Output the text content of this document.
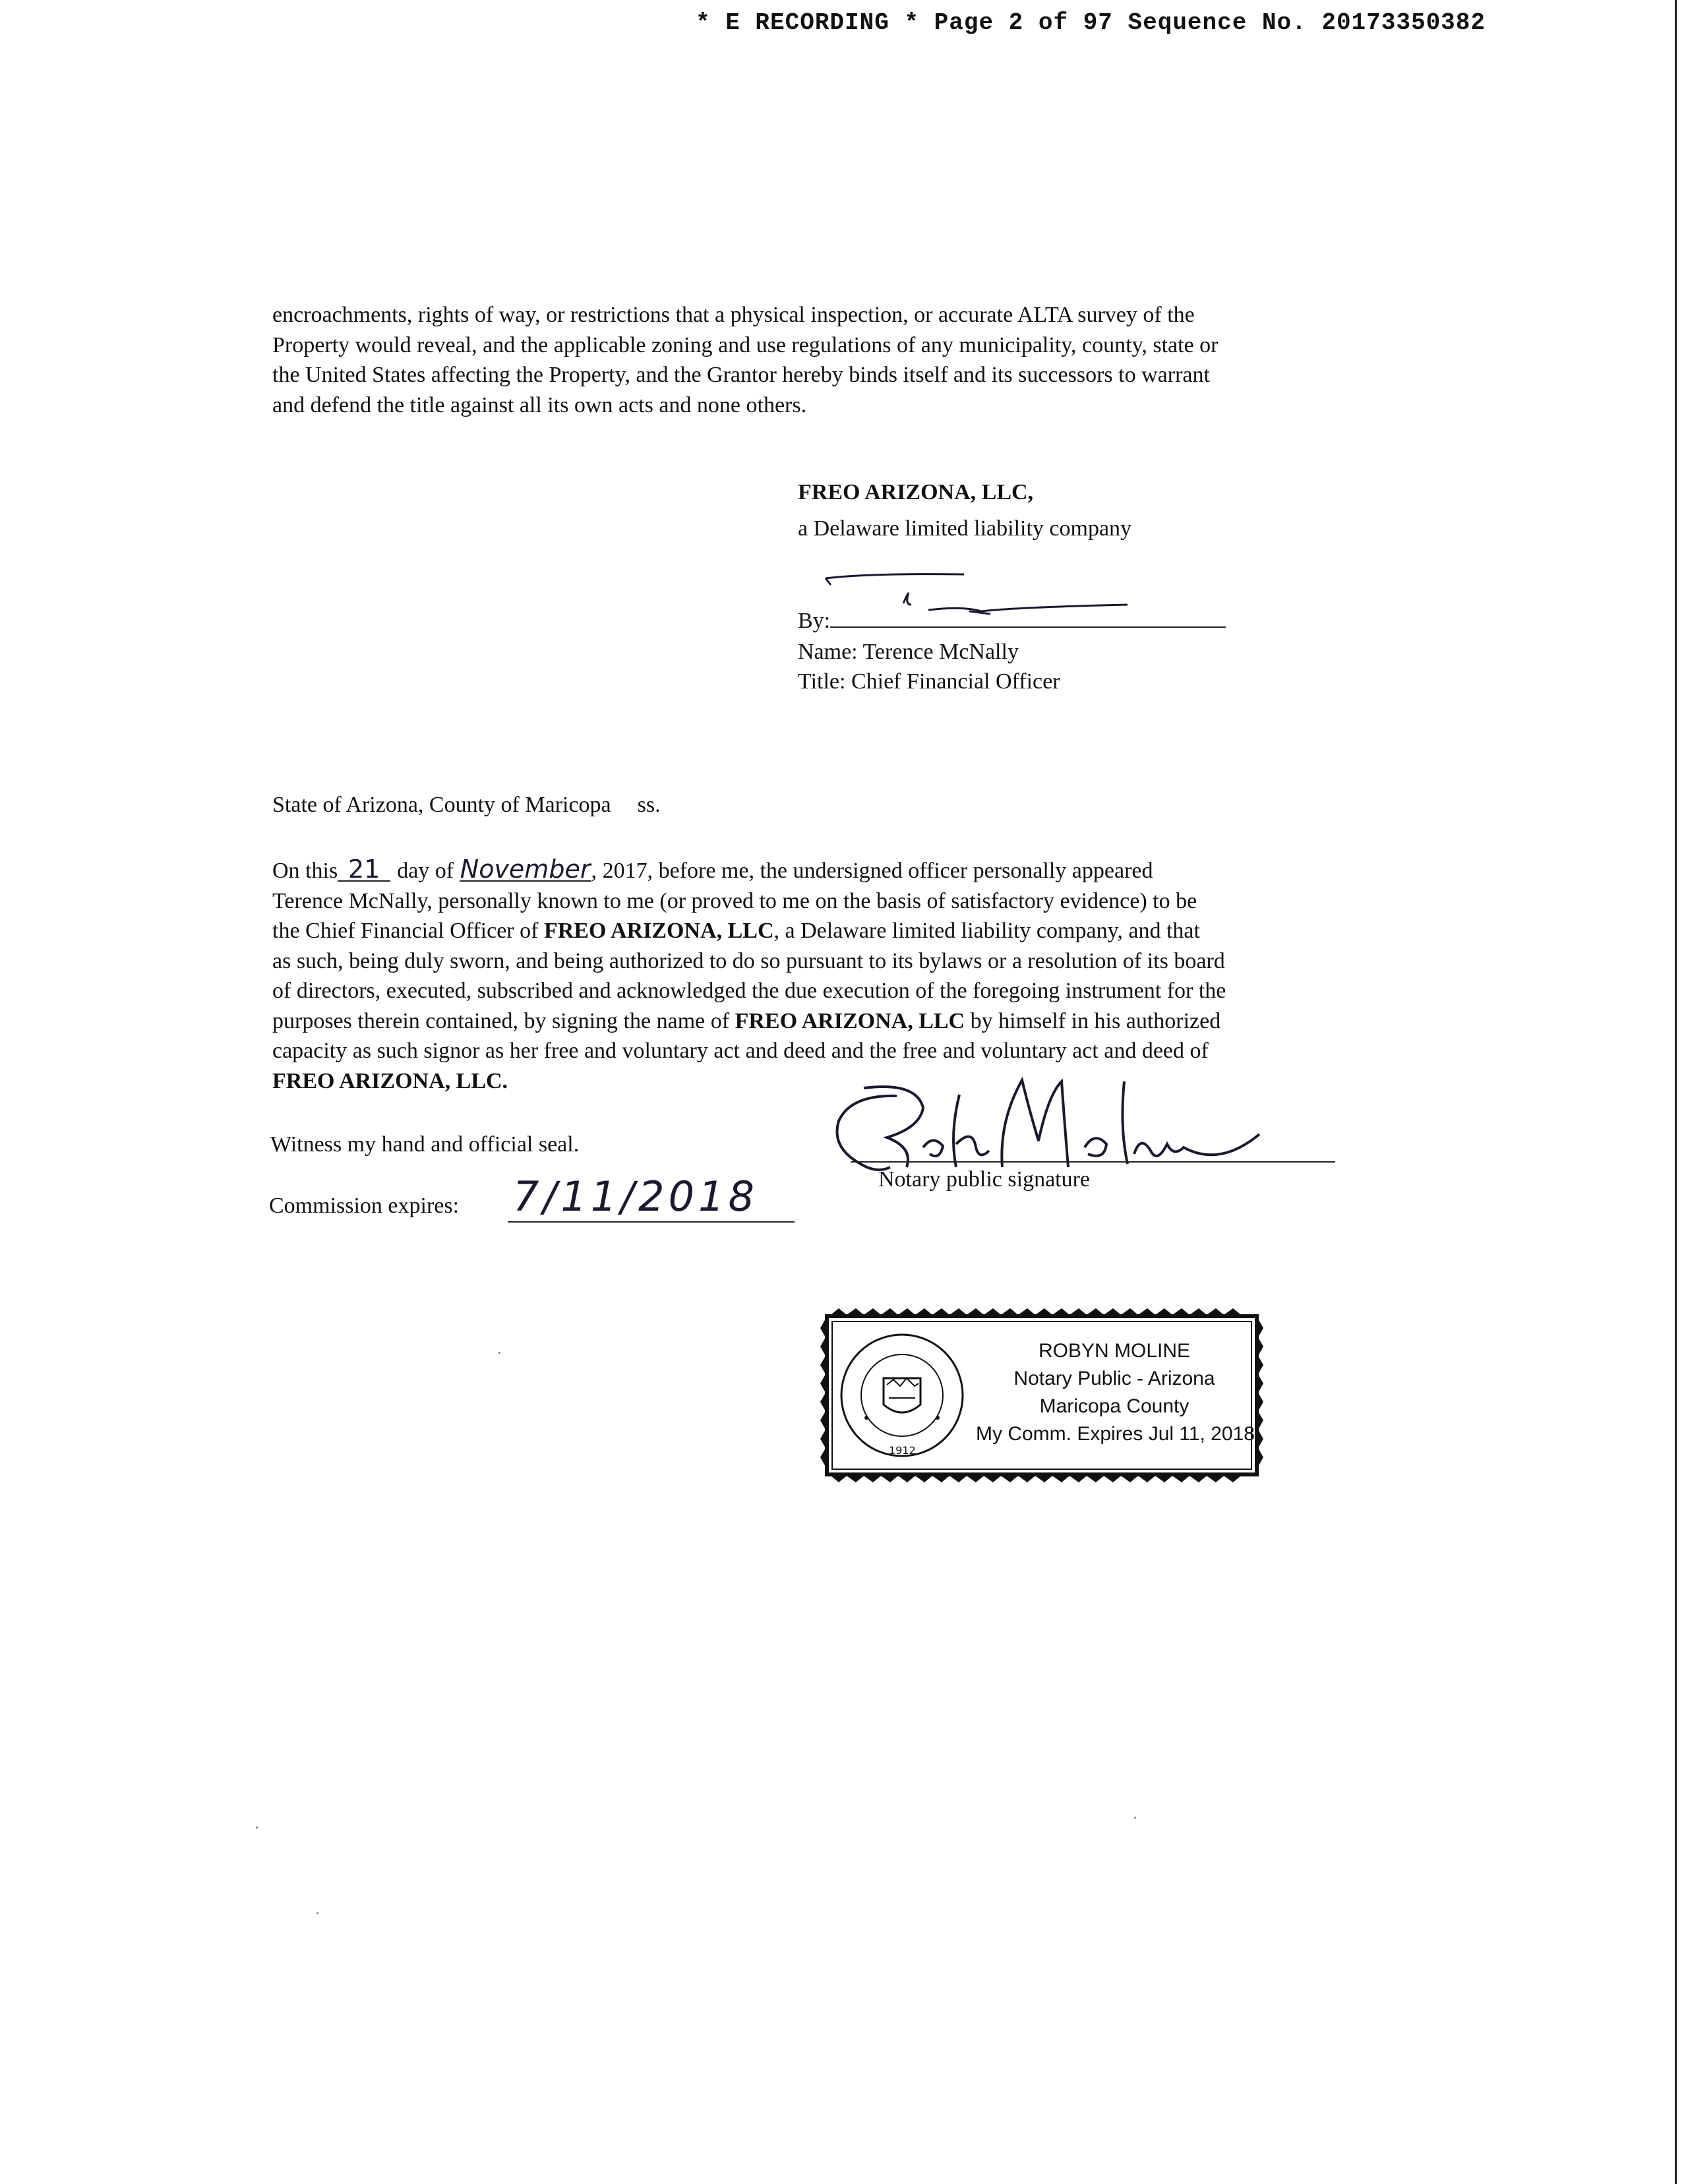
* E RECORDING * Page 2 of 97 Sequence No. 20173350382

encroachments, rights of way, or restrictions that a physical inspection, or accurate ALTA survey of the

Property would reveal, and the applicable zoning and use regulations of any municipality, county, state or

the United States affecting the Property, and the Grantor hereby binds itself and its successors to warrant

and defend the title against all its own acts and none others.

FREO ARIZONA, LLC,
a Delaware limited liability company
By:
Name: Terence McNally
Title: Chief Financial Officer
State of Arizona, County of Maricopa ss.

On this 21 day of November, 2017, before me, the undersigned officer personally appeared

Terence McNally, personally known to me (or proved to me on the basis of satisfactory evidence) to be

the Chief Financial Officer of FREO ARIZONA, LLC, a Delaware limited liability company, and that

as such, being duly sworn, and being authorized to do so pursuant to its bylaws or a resolution of its board

of directors, executed, subscribed and acknowledged the due execution of the foregoing instrument for the

purposes therein contained, by signing the name of FREO ARIZONA, LLC by himself in his authorized

capacity as such signor as her free and voluntary act and deed and the free and voluntary act and deed of

FREO ARIZONA, LLC.

Witness my hand and official seal.
Commission expires: 7/11/2018	Notary public signature
1912
ROBYN MOLINE
Notary Public - Arizona
Maricopa County
My Comm. Expires Jul 11, 2018
